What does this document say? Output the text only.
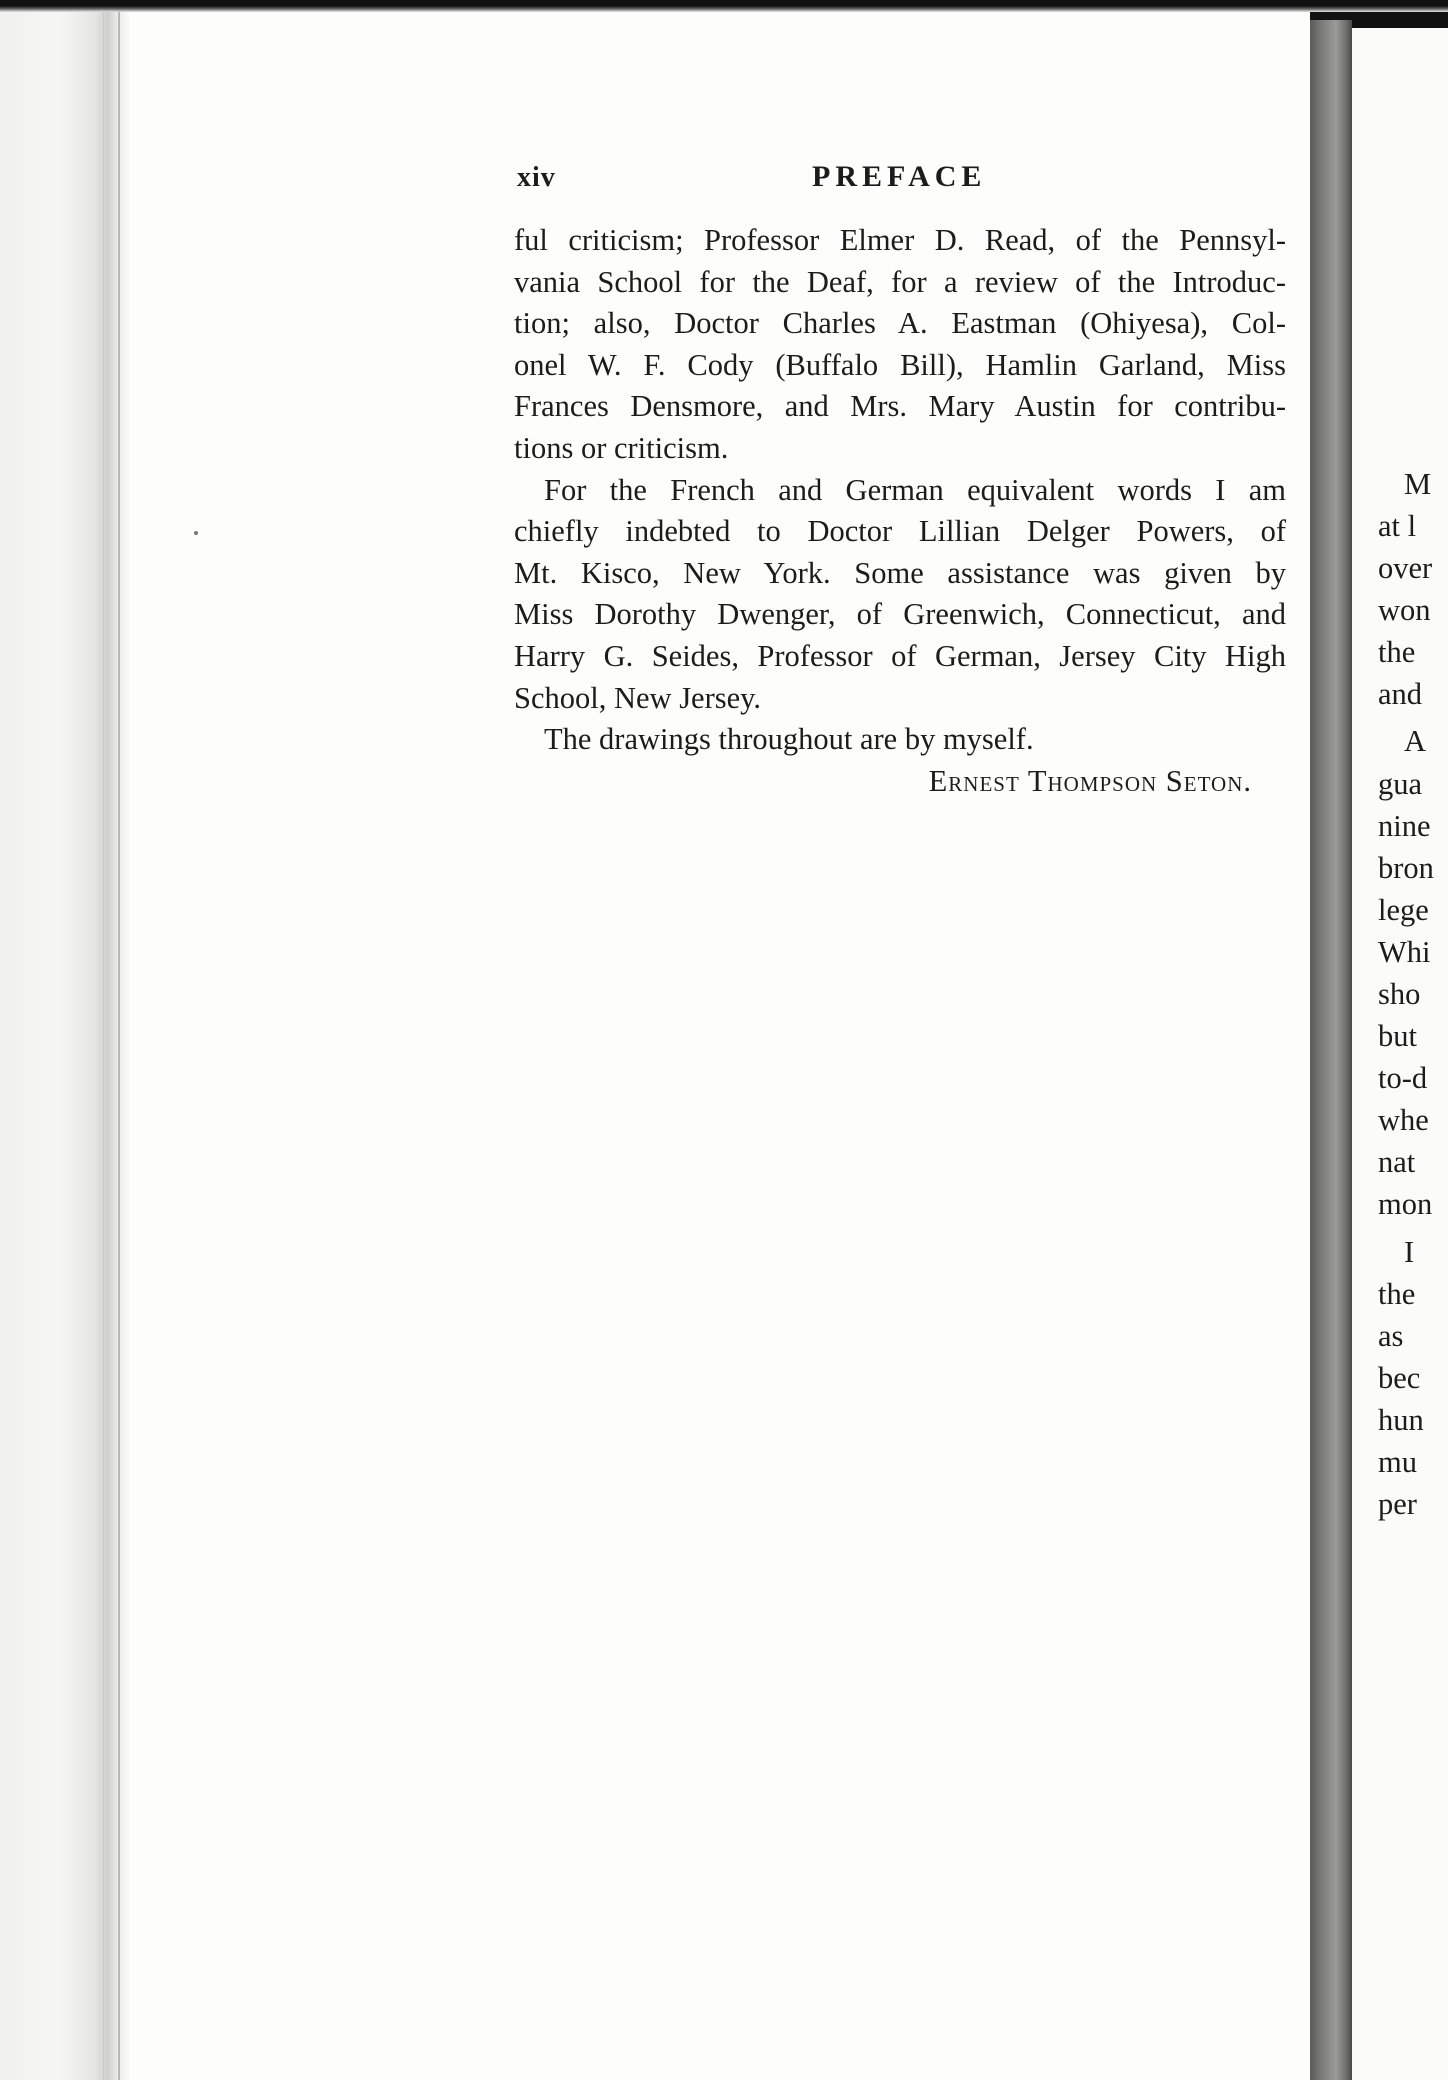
xiv	PREFACE
ful criticism; Professor Elmer D. Read, of the Pennsyl-
vania School for the Deaf, for a review of the Introduc-
tion; also, Doctor Charles A. Eastman (Ohiyesa), Col-
onel W. F. Cody (Buffalo Bill), Hamlin Garland, Miss
Frances Densmore, and Mrs. Mary Austin for contribu-
tions or criticism.
For the French and German equivalent words I am
chiefly indebted to Doctor Lillian Delger Powers, of
Mt. Kisco, New York. Some assistance was given by
Miss Dorothy Dwenger, of Greenwich, Connecticut, and
Harry G. Seides, Professor of German, Jersey City High
School, New Jersey.
The drawings throughout are by myself.
Ernest Thompson Seton.
M
at l
over
won
the
and
A
gua
nine
bron
lege
Whi
sho
but
to-d
whe
nat
mon
I
the
as
bec
hun
mu
per
